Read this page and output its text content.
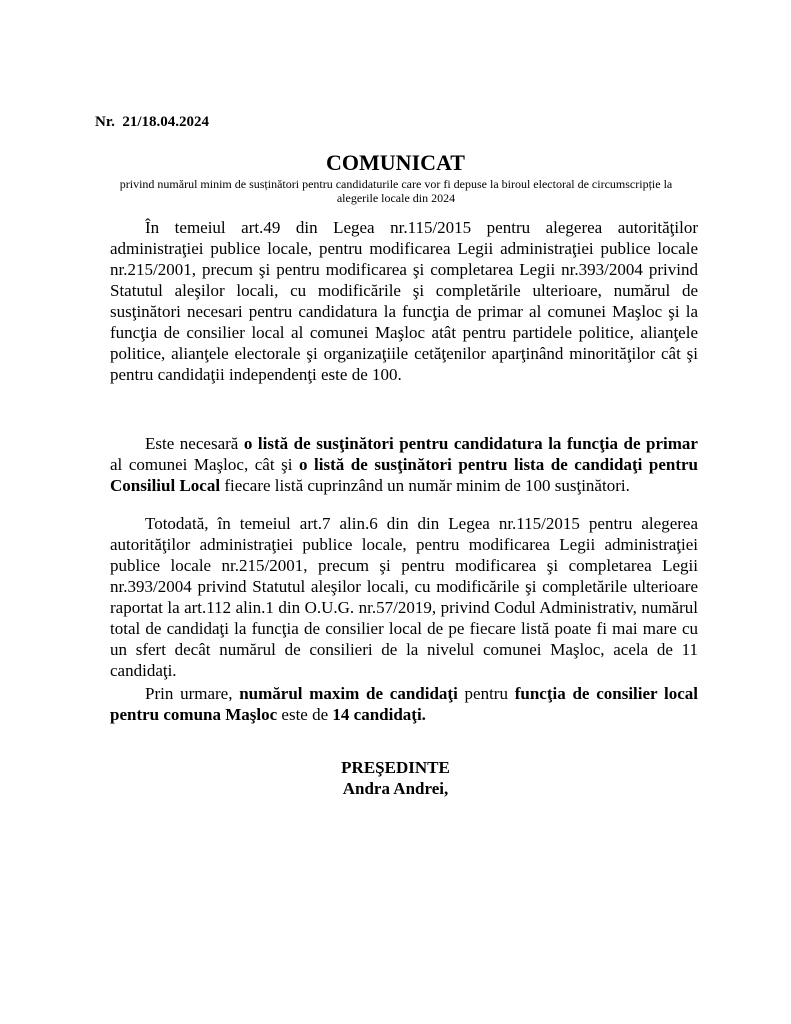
Nr.  21/18.04.2024
COMUNICAT
privind numărul minim de susținători pentru candidaturile care vor fi depuse la biroul electoral de circumscripție la alegerile locale din 2024

În temeiul art.49 din Legea nr.115/2015 pentru alegerea autorităţilor administraţiei publice locale, pentru modificarea Legii administraţiei publice locale nr.215/2001, precum şi pentru modificarea şi completarea Legii nr.393/2004 privind Statutul aleşilor locali, cu modificările şi completările ulterioare, numărul de susţinători necesari pentru candidatura la funcţia de primar al comunei Maşloc şi la funcţia de consilier local al comunei Maşloc atât pentru partidele politice, alianţele politice, alianţele electorale şi organizaţiile cetăţenilor aparţinând minorităţilor cât şi pentru candidaţii independenţi este de 100.

Este necesară o listă de susţinători pentru candidatura la funcţia de primar al comunei Maşloc, cât şi o listă de susţinători pentru lista de candidaţi pentru Consiliul Local fiecare listă cuprinzând un număr minim de 100 susţinători.

Totodată, în temeiul art.7 alin.6 din din Legea nr.115/2015 pentru alegerea autorităţilor administraţiei publice locale, pentru modificarea Legii administraţiei publice locale nr.215/2001, precum şi pentru modificarea şi completarea Legii nr.393/2004 privind Statutul aleşilor locali, cu modificările şi completările ulterioare raportat la art.112 alin.1 din O.U.G. nr.57/2019, privind Codul Administrativ, numărul total de candidaţi la funcţia de consilier local de pe fiecare listă poate fi mai mare cu un sfert decât numărul de consilieri de la nivelul comunei Maşloc, acela de 11 candidaţi.

Prin urmare, numărul maxim de candidaţi pentru funcţia de consilier local pentru comuna Maşloc este de 14 candidaţi.

PREŞEDINTE
Andra Andrei,
